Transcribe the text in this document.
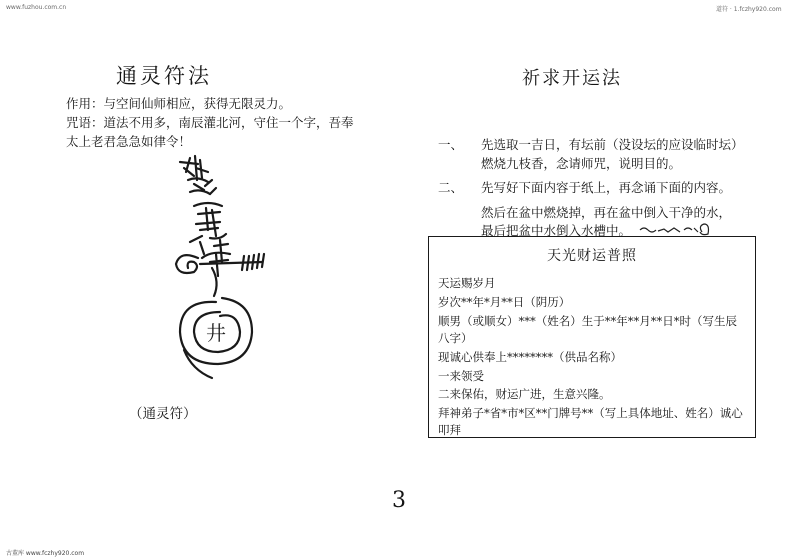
www.fuzhou.com.cn	道符 · 1.fczhy920.com
通灵符法
作用：与空间仙师相应，获得无限灵力。
咒语：道法不用多，南辰灌北河，守住一个字，吾奉
太上老君急急如律令！
井
（通灵符）
祈求开运法
一、 先选取一吉日，有坛前（没设坛的应设临时坛）
燃烧九枝香，念请师咒，说明目的。
二、 先写好下面内容于纸上，再念诵下面的内容。
然后在盆中燃烧掉，再在盆中倒入干净的水，
最后把盆中水倒入水槽中。
天光财运普照
天运赐岁月
岁次**年*月**日（阴历）
顺男（或顺女）***（姓名）生于**年**月**日*时（写生辰
八字）
现诚心供奉上********（供品名称）
一来领受
二来保佑，财运广进，生意兴隆。
拜神弟子*省*市*区**门牌号**（写上具体地址、姓名）诚心
叩拜
3
古董库 www.fczhy920.com
